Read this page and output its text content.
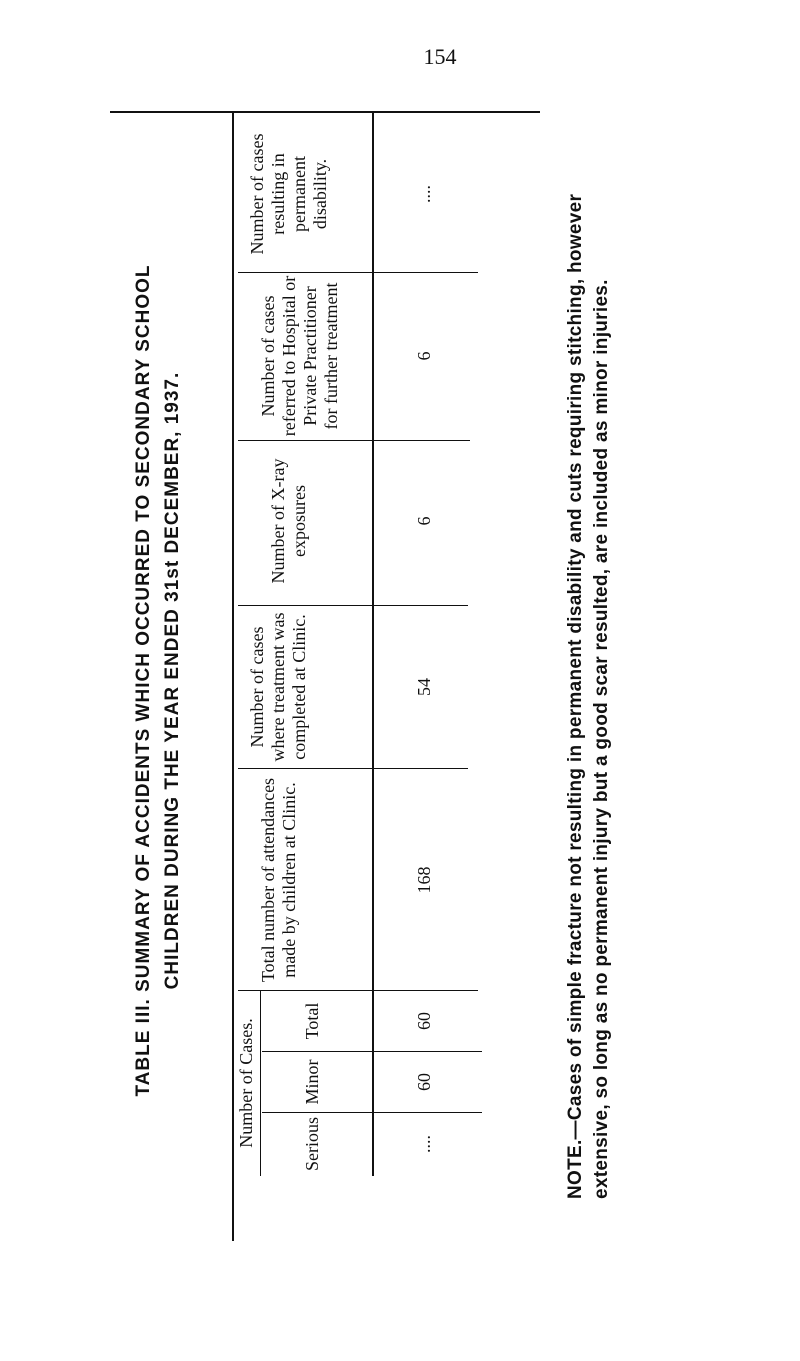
154
TABLE III. SUMMARY OF ACCIDENTS WHICH OCCURRED TO SECONDARY SCHOOL CHILDREN DURING THE YEAR ENDED 31st DECEMBER, 1937.
Number of Cases.	Serious
Minor
Total
Total number of attendances made by children at Clinic.
Number of cases where treatment was completed at Clinic.
Number of X-ray exposures
Number of cases referred to Hospital or Private Practitioner for further treatment
Number of cases resulting in permanent disability.
....
60
60
168
54
6
6
....	NOTE.—Cases of simple fracture not resulting in permanent disability and cuts requiring stitching, however extensive, so long as no permanent injury but a good scar resulted, are included as minor injuries.
